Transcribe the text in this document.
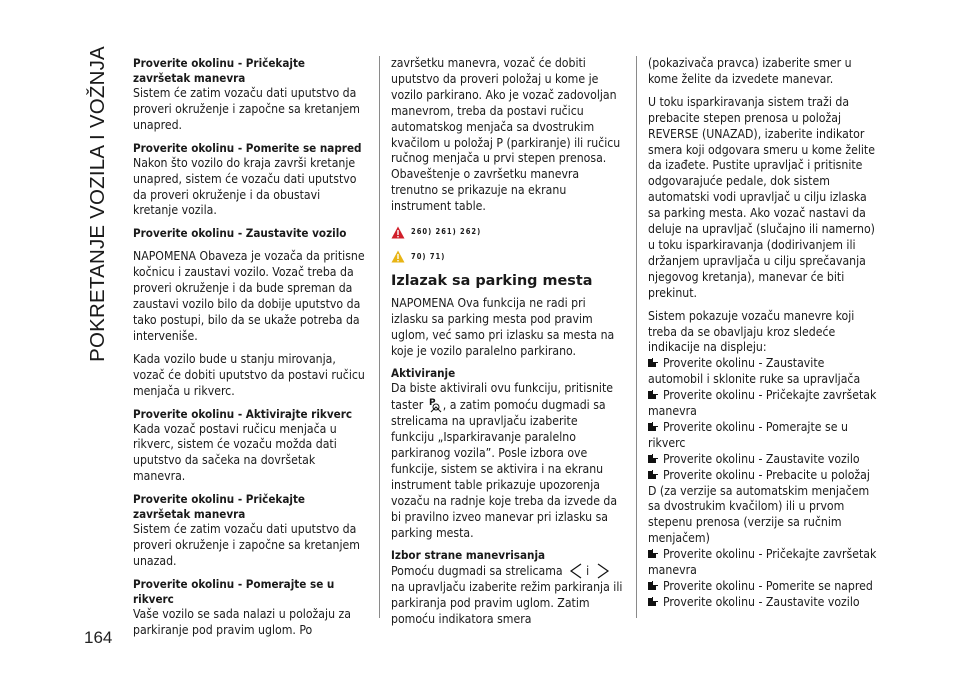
POKRETANJE VOZILA I VOŽNJA
164
Proverite okolinu - Pričekajte završetak manevra

Sistem će zatim vozaču dati uputstvo da proveri okruženje i započne sa kretanjem unapred.

Proverite okolinu - Pomerite se napred

Nakon što vozilo do kraja završi kretanje unapred, sistem će vozaču dati uputstvo da proveri okruženje i da obustavi kretanje vozila.

Proverite okolinu - Zaustavite vozilo

NAPOMENA Obaveza je vozača da pritisne kočnicu i zaustavi vozilo. Vozač treba da proveri okruženje i da bude spreman da zaustavi vozilo bilo da dobije uputstvo da tako postupi, bilo da se ukaže potreba da interveniše.

Kada vozilo bude u stanju mirovanja, vozač će dobiti uputstvo da postavi ručicu menjača u rikverc.

Proverite okolinu - Aktivirajte rikverc

Kada vozač postavi ručicu menjača u rikverc, sistem će vozaču možda dati uputstvo da sačeka na dovršetak manevra.

Proverite okolinu - Pričekajte završetak manevra

Sistem će zatim vozaču dati uputstvo da proveri okruženje i započne sa kretanjem unazad.

Proverite okolinu - Pomerajte se u rikverc

Vaše vozilo se sada nalazi u položaju za parkiranje pod pravim uglom. Po

završetku manevra, vozač će dobiti uputstvo da proveri položaj u kome je vozilo parkirano. Ako je vozač zadovoljan manevrom, treba da postavi ručicu automatskog menjača sa dvostrukim kvačilom u položaj P (parkiranje) ili ručicu ručnog menjača u prvi stepen prenosa. Obaveštenje o završetku manevra trenutno se prikazuje na ekranu instrument table.

260) 261) 262)
70) 71)
Izlazak sa parking mesta

NAPOMENA Ova funkcija ne radi pri izlasku sa parking mesta pod pravim uglom, već samo pri izlasku sa mesta na koje je vozilo paralelno parkirano.

Aktiviranje

Da biste aktivirali ovu funkciju, pritisnite taster P , a zatim pomoću dugmadi sa strelicama na upravljaču izaberite funkciju „Isparkiravanje paralelno parkiranog vozila”. Posle izbora ove funkcije, sistem se aktivira i na ekranu instrument table prikazuje upozorenja vozaču na radnje koje treba da izvede da bi pravilno izveo manevar pri izlasku sa parking mesta.

Izbor strane manevrisanja

Pomoću dugmadi sa strelicama i  na upravljaču izaberite režim parkiranja ili parkiranja pod pravim uglom. Zatim pomoću indikatora smera

(pokazivača pravca) izaberite smer u kome želite da izvedete manevar.

U toku isparkiravanja sistem traži da prebacite stepen prenosa u položaj REVERSE (UNAZAD), izaberite indikator smera koji odgovara smeru u kome želite da izađete. Pustite upravljač i pritisnite odgovarajuće pedale, dok sistem automatski vodi upravljač u cilju izlaska sa parking mesta. Ako vozač nastavi da deluje na upravljač (slučajno ili namerno) u toku isparkiravanja (dodirivanjem ili držanjem upravljača u cilju sprečavanja njegovog kretanja), manevar će biti prekinut.

Sistem pokazuje vozaču manevre koji treba da se obavljaju kroz sledeće indikacije na displeju:

Proverite okolinu - Zaustavite automobil i sklonite ruke sa upravljača
Proverite okolinu - Pričekajte završetak manevra
Proverite okolinu - Pomerajte se u rikverc
Proverite okolinu - Zaustavite vozilo
Proverite okolinu - Prebacite u položaj D (za verzije sa automatskim menjačem sa dvostrukim kvačilom) ili u prvom stepenu prenosa (verzije sa ručnim menjačem)
Proverite okolinu - Pričekajte završetak manevra
Proverite okolinu - Pomerite se napred
Proverite okolinu - Zaustavite vozilo
